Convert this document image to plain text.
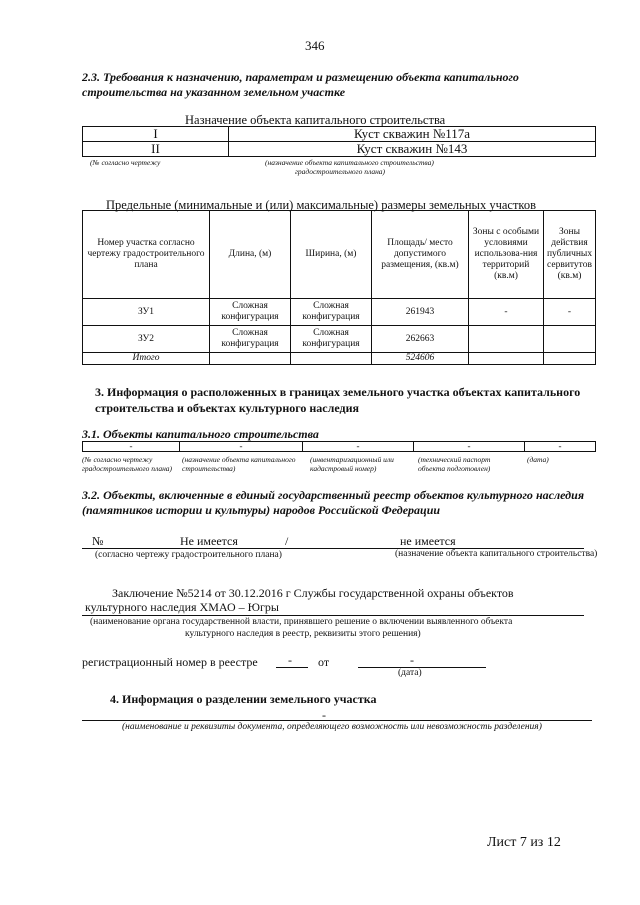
346
2.3. Требования к назначению, параметрам и размещению объекта капитального строительства на указанном земельном участке
Назначение объекта капитального строительства
I	Куст скважин №117а
II	Куст скважин №143
(№ согласно чертежу	(назначение объекта капитального строительства)
градостроительного плана)
Предельные (минимальные и (или) максимальные) размеры земельных участков
Номер участка согласно чертежу градостроительного плана	Длина, (м)	Ширина, (м)	Площадь/ место допустимого размещения, (кв.м)	Зоны с особыми условиями использова-ния территорий (кв.м)	Зоны действия публичных сервитутов (кв.м)
ЗУ1	Сложная конфигурация	Сложная конфигурация	261943	-	-
ЗУ2	Сложная конфигурация	Сложная конфигурация	262663		
Итого			524606		
3. Информация о расположенных в границах земельного участка объектах капитального строительства и объектах культурного наследия
3.1. Объекты капитального строительства
-	-	-	-	-
(№ согласно чертежу градостроительного плана)
(назначение объекта капитального строительства)
(инвентаризационный или кадастровый номер)
(технический паспорт объекта подготовлен)
(дата)
3.2. Объекты, включенные в единый государственный реестр объектов культурного наследия (памятников истории и культуры) народов Российской Федерации
№	Не имеется	/	не имеется
(согласно чертежу градостроительного плана)	(назначение объекта капитального строительства)
Заключение №5214 от 30.12.2016 г Службы государственной охраны объектов
культурного наследия ХМАО – Югры
(наименование органа государственной власти, принявшего решение о включении выявленного объекта
культурного наследия в реестр, реквизиты этого решения)
регистрационный номер в реестре	- от	-
(дата)
4. Информация о разделении земельного участка
-
(наименование и реквизиты документа, определяющего возможность или невозможность разделения)
Лист 7 из 12
